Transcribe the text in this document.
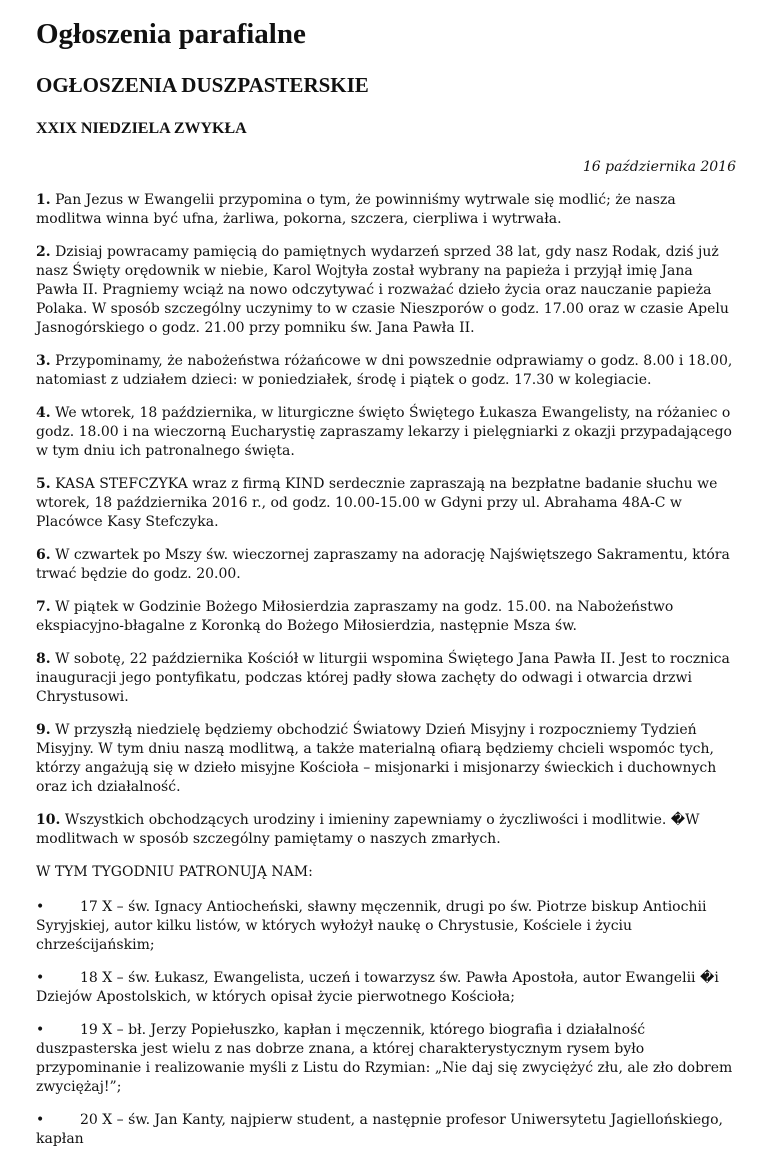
Ogłoszenia parafialne
OGŁOSZENIA DUSZPASTERSKIE
XXIX NIEDZIELA ZWYKŁA
16 października 2016

1. Pan Jezus w Ewangelii przypomina o tym, że powinniśmy wytrwale się modlić; że nasza modlitwa winna być ufna, żarliwa, pokorna, szczera, cierpliwa i wytrwała.

2. Dzisiaj powracamy pamięcią do pamiętnych wydarzeń sprzed 38 lat, gdy nasz Rodak, dziś już nasz Święty orędownik w niebie, Karol Wojtyła został wybrany na papieża i przyjął imię Jana Pawła II. Pragniemy wciąż na nowo odczytywać i rozważać dzieło życia oraz nauczanie papieża Polaka. W sposób szczególny uczynimy to w czasie Nieszporów o godz. 17.00 oraz w czasie Apelu Jasnogórskiego o godz. 21.00 przy pomniku św. Jana Pawła II.

3. Przypominamy, że nabożeństwa różańcowe w dni powszednie odprawiamy o godz. 8.00 i 18.00, natomiast z udziałem dzieci: w poniedziałek, środę i piątek o godz. 17.30 w kolegiacie.

4. We wtorek, 18 października, w liturgiczne święto Świętego Łukasza Ewangelisty, na różaniec o godz. 18.00 i na wieczorną Eucharystię zapraszamy lekarzy i pielęgniarki z okazji przypadającego w tym dniu ich patronalnego święta.

5. KASA STEFCZYKA wraz z firmą KIND serdecznie zapraszają na bezpłatne badanie słuchu we wtorek, 18 października 2016 r., od godz. 10.00-15.00 w Gdyni przy ul. Abrahama 48A-C w Placówce Kasy Stefczyka.

6. W czwartek po Mszy św. wieczornej zapraszamy na adorację Najświętszego Sakramentu, która trwać będzie do godz. 20.00.

7. W piątek w Godzinie Bożego Miłosierdzia zapraszamy na godz. 15.00. na Nabożeństwo ekspiacyjno-błagalne z Koronką do Bożego Miłosierdzia, następnie Msza św.

8. W sobotę, 22 października Kościół w liturgii wspomina Świętego Jana Pawła II. Jest to rocznica inauguracji jego pontyfikatu, podczas której padły słowa zachęty do odwagi i otwarcia drzwi Chrystusowi.

9. W przyszłą niedzielę będziemy obchodzić Światowy Dzień Misyjny i rozpoczniemy Tydzień Misyjny. W tym dniu naszą modlitwą, a także materialną ofiarą będziemy chcieli wspomóc tych, którzy angażują się w dzieło misyjne Kościoła – misjonarki i misjonarzy świeckich i duchownych oraz ich działalność.

10. Wszystkich obchodzących urodziny i imieniny zapewniamy o życzliwości i modlitwie. �W modlitwach w sposób szczególny pamiętamy o naszych zmarłych.

W TYM TYGODNIU PATRONUJĄ NAM:

•	17 X – św. Ignacy Antiocheński, sławny męczennik, drugi po św. Piotrze biskup Antiochii Syryjskiej, autor kilku listów, w których wyłożył naukę o Chrystusie, Kościele i życiu chrześcijańskim;

•	18 X – św. Łukasz, Ewangelista, uczeń i towarzysz św. Pawła Apostoła, autor Ewangelii �i Dziejów Apostolskich, w których opisał życie pierwotnego Kościoła;

•	19 X – bł. Jerzy Popiełuszko, kapłan i męczennik, którego biografia i działalność duszpasterska jest wielu z nas dobrze znana, a której charakterystycznym rysem było przypominanie i realizowanie myśli z Listu do Rzymian: „Nie daj się zwyciężyć złu, ale zło dobrem zwyciężaj!”;

•	20 X – św. Jan Kanty, najpierw student, a następnie profesor Uniwersytetu Jagiellońskiego, kapłan
